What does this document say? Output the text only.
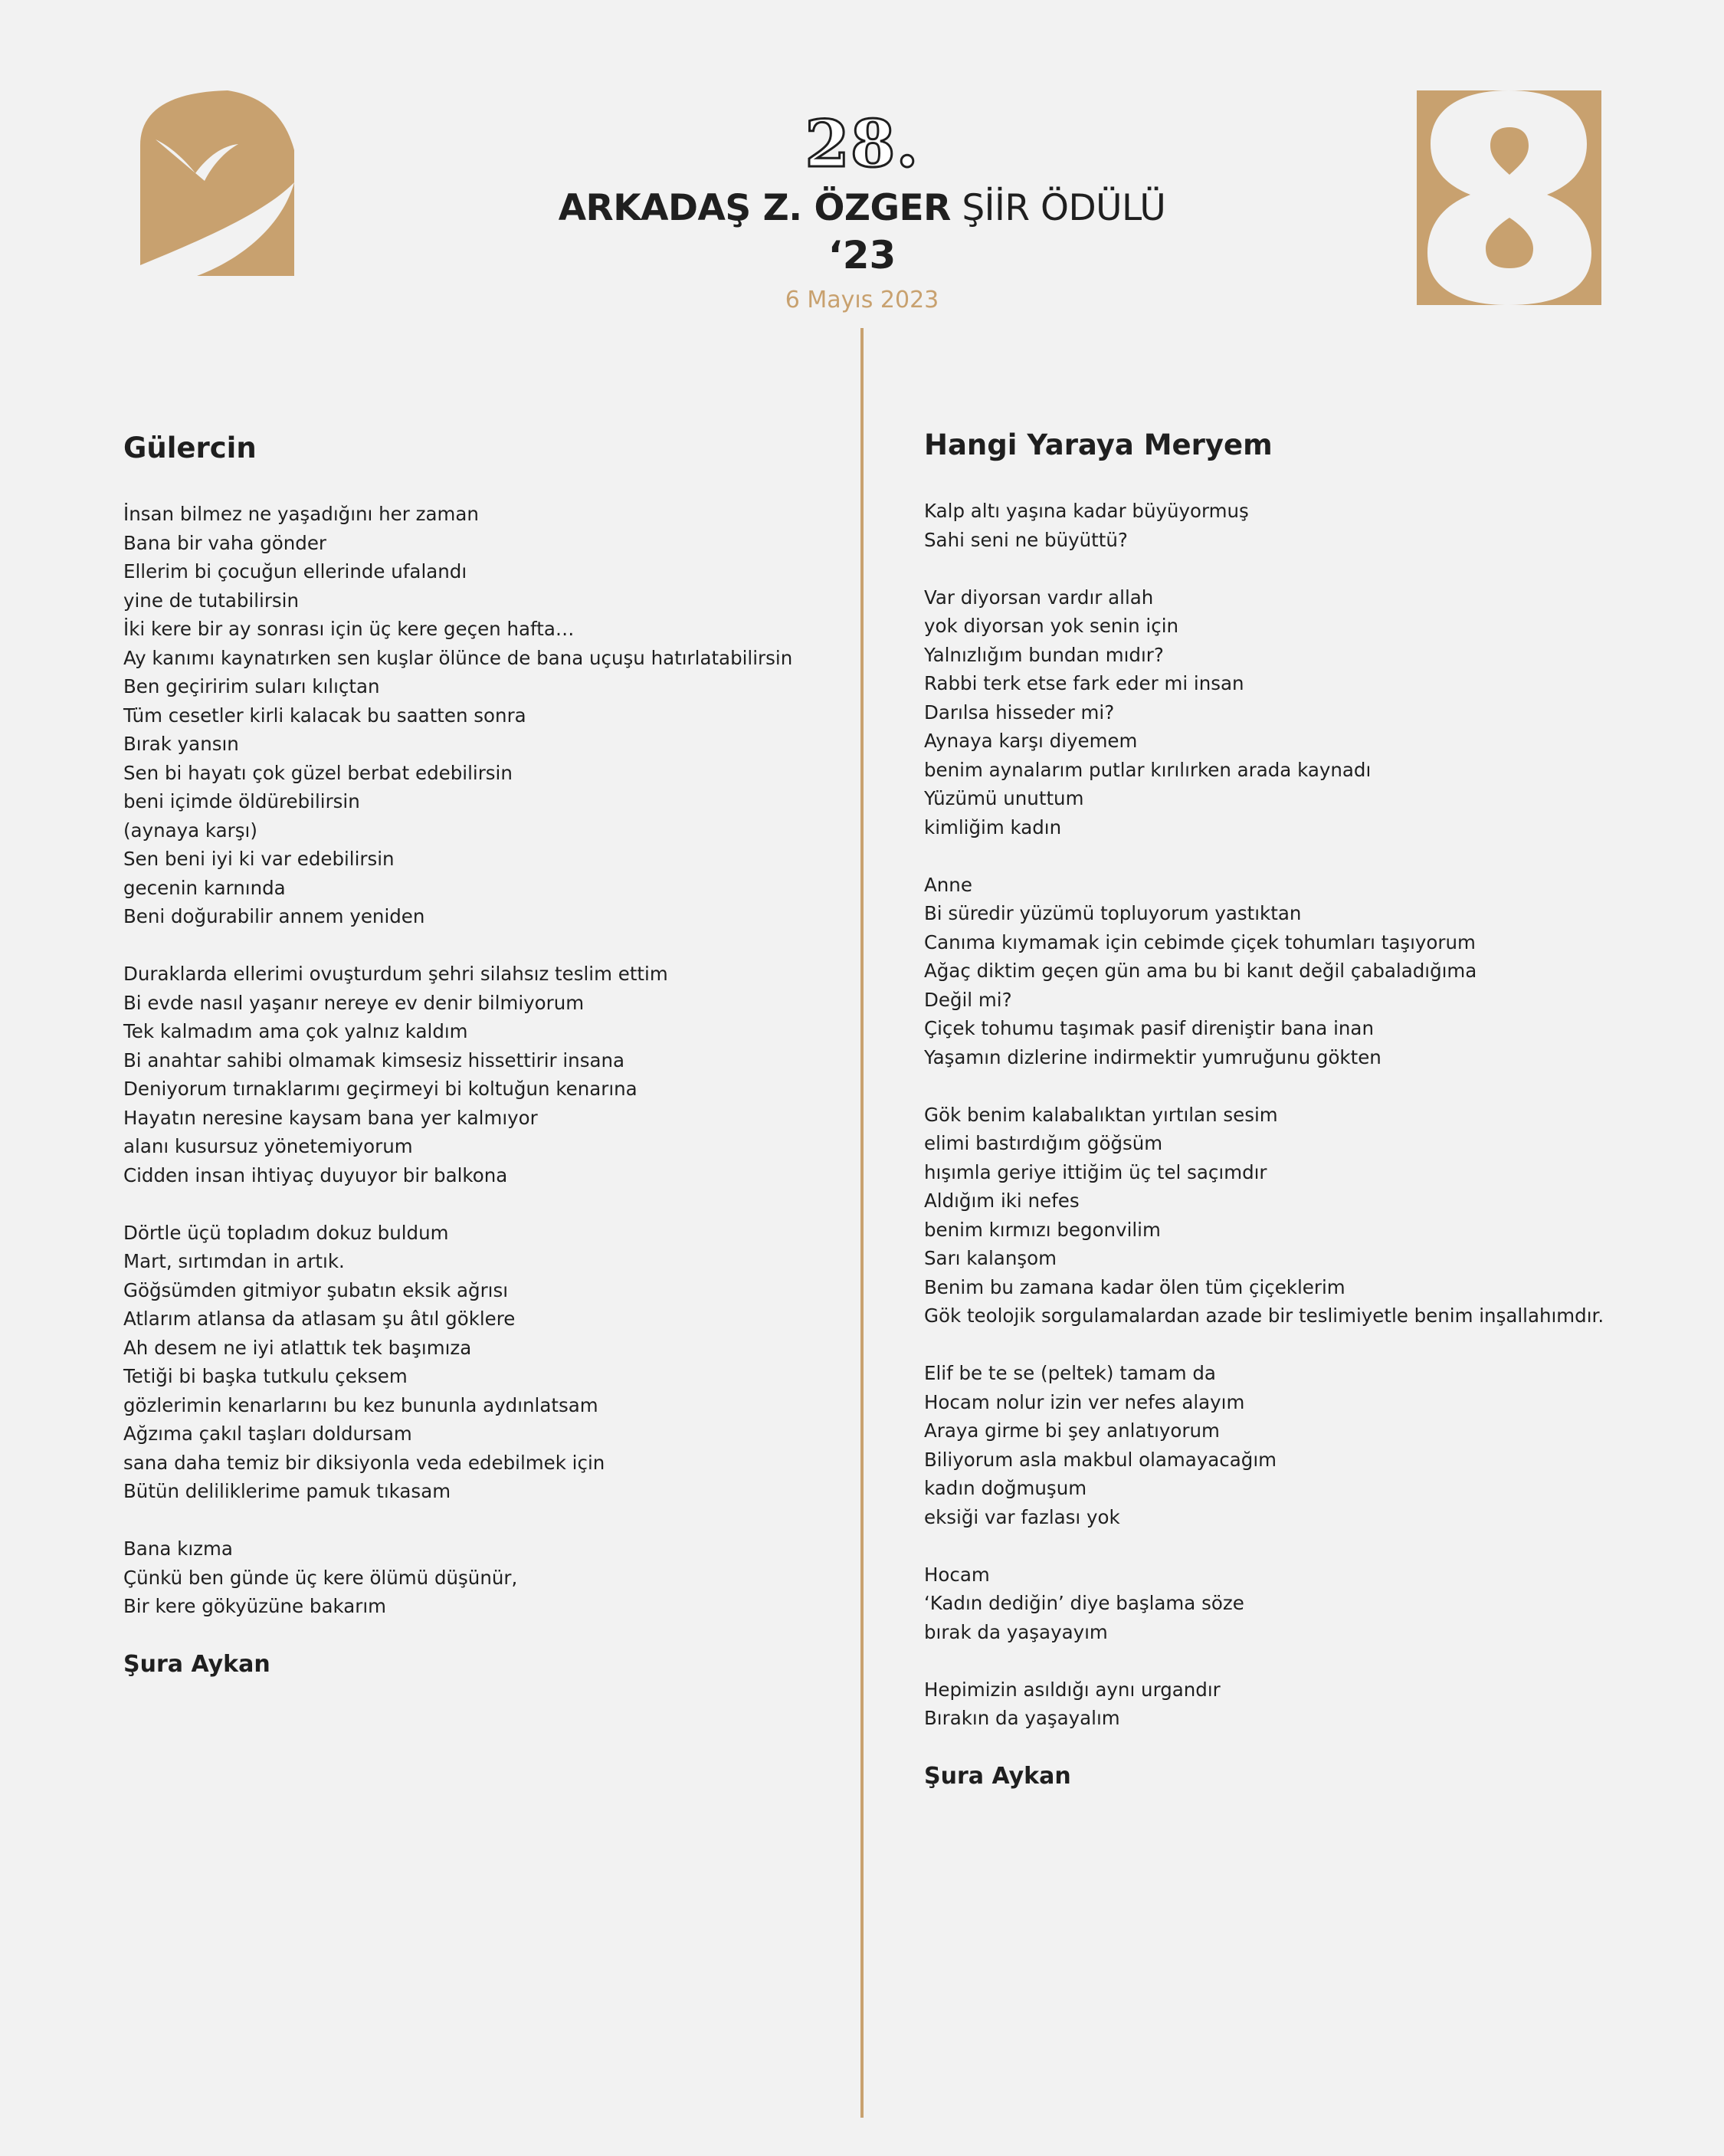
28.
ARKADAŞ Z. ÖZGER ŞİİR ÖDÜLÜ
‘23
6 Mayıs 2023
Gülercin
İnsan bilmez ne yaşadığını her zaman
Bana bir vaha gönder
Ellerim bi çocuğun ellerinde ufalandı
yine de tutabilirsin
İki kere bir ay sonrası için üç kere geçen hafta…
Ay kanımı kaynatırken sen kuşlar ölünce de bana uçuşu hatırlatabilirsin
Ben geçiririm suları kılıçtan
Tüm cesetler kirli kalacak bu saatten sonra
Bırak yansın
Sen bi hayatı çok güzel berbat edebilirsin
beni içimde öldürebilirsin
(aynaya karşı)
Sen beni iyi ki var edebilirsin
gecenin karnında
Beni doğurabilir annem yeniden
Duraklarda ellerimi ovuşturdum şehri silahsız teslim ettim
Bi evde nasıl yaşanır nereye ev denir bilmiyorum
Tek kalmadım ama çok yalnız kaldım
Bi anahtar sahibi olmamak kimsesiz hissettirir insana
Deniyorum tırnaklarımı geçirmeyi bi koltuğun kenarına
Hayatın neresine kaysam bana yer kalmıyor
alanı kusursuz yönetemiyorum
Cidden insan ihtiyaç duyuyor bir balkona
Dörtle üçü topladım dokuz buldum
Mart, sırtımdan in artık.
Göğsümden gitmiyor şubatın eksik ağrısı
Atlarım atlansa da atlasam şu âtıl göklere
Ah desem ne iyi atlattık tek başımıza
Tetiği bi başka tutkulu çeksem
gözlerimin kenarlarını bu kez bununla aydınlatsam
Ağzıma çakıl taşları doldursam
sana daha temiz bir diksiyonla veda edebilmek için
Bütün deliliklerime pamuk tıkasam
Bana kızma
Çünkü ben günde üç kere ölümü düşünür,
Bir kere gökyüzüne bakarım
Şura Aykan
Hangi Yaraya Meryem
Kalp altı yaşına kadar büyüyormuş
Sahi seni ne büyüttü?
Var diyorsan vardır allah
yok diyorsan yok senin için
Yalnızlığım bundan mıdır?
Rabbi terk etse fark eder mi insan
Darılsa hisseder mi?
Aynaya karşı diyemem
benim aynalarım putlar kırılırken arada kaynadı
Yüzümü unuttum
kimliğim kadın
Anne
Bi süredir yüzümü topluyorum yastıktan
Canıma kıymamak için cebimde çiçek tohumları taşıyorum
Ağaç diktim geçen gün ama bu bi kanıt değil çabaladığıma
Değil mi?
Çiçek tohumu taşımak pasif direniştir bana inan
Yaşamın dizlerine indirmektir yumruğunu gökten
Gök benim kalabalıktan yırtılan sesim
elimi bastırdığım göğsüm
hışımla geriye ittiğim üç tel saçımdır
Aldığım iki nefes
benim kırmızı begonvilim
Sarı kalanşom
Benim bu zamana kadar ölen tüm çiçeklerim
Gök teolojik sorgulamalardan azade bir teslimiyetle benim inşallahımdır.
Elif be te se (peltek) tamam da
Hocam nolur izin ver nefes alayım
Araya girme bi şey anlatıyorum
Biliyorum asla makbul olamayacağım
kadın doğmuşum
eksiği var fazlası yok
Hocam
‘Kadın dediğin’ diye başlama söze
bırak da yaşayayım
Hepimizin asıldığı aynı urgandır
Bırakın da yaşayalım
Şura Aykan
